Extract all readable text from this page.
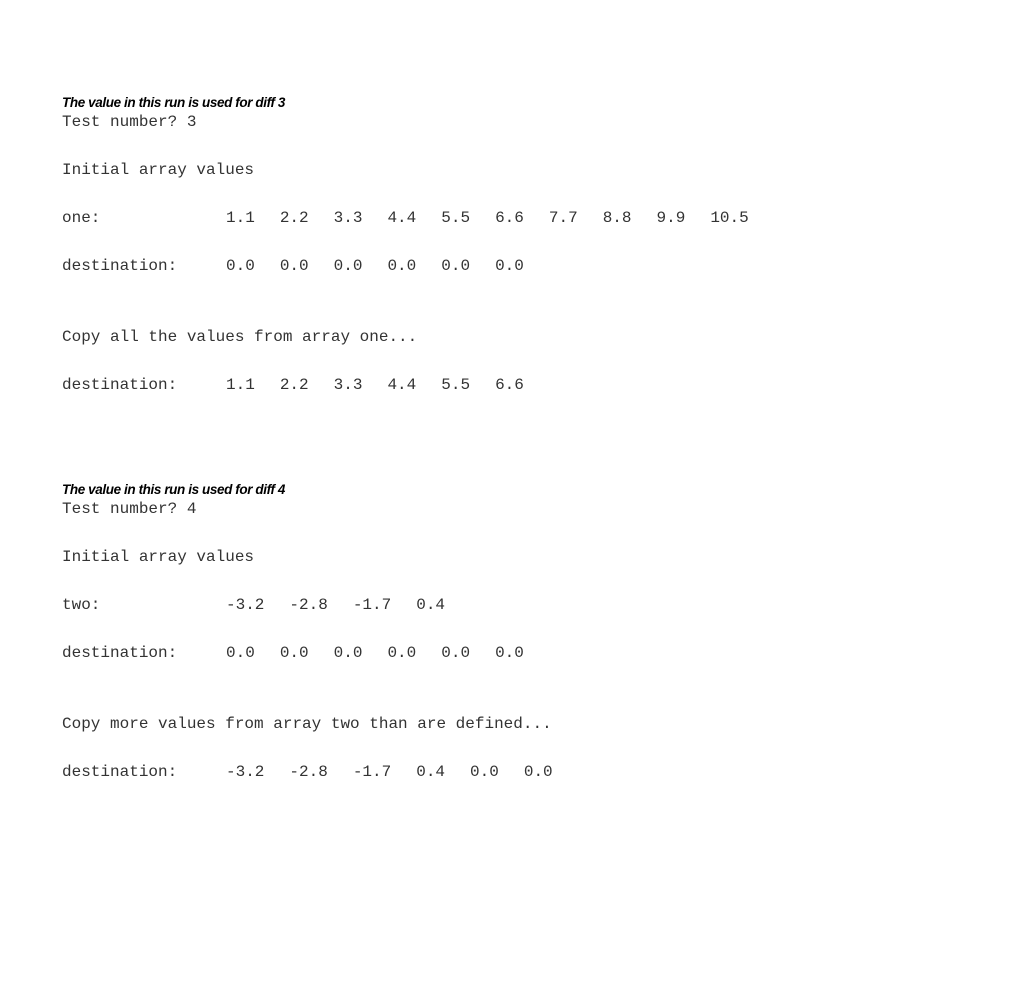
The value in this run is used for diff 3
Test number? 3
Initial array values
one:	1.1 2.2 3.3 4.4 5.5 6.6 7.7 8.8 9.9 10.5
destination:	0.0 0.0 0.0 0.0 0.0 0.0
Copy all the values from array one...
destination:	1.1 2.2 3.3 4.4 5.5 6.6
The value in this run is used for diff 4
Test number? 4
Initial array values
two:	-3.2 -2.8 -1.7 0.4
destination:	0.0 0.0 0.0 0.0 0.0 0.0
Copy more values from array two than are defined...
destination:	-3.2 -2.8 -1.7 0.4 0.0 0.0
